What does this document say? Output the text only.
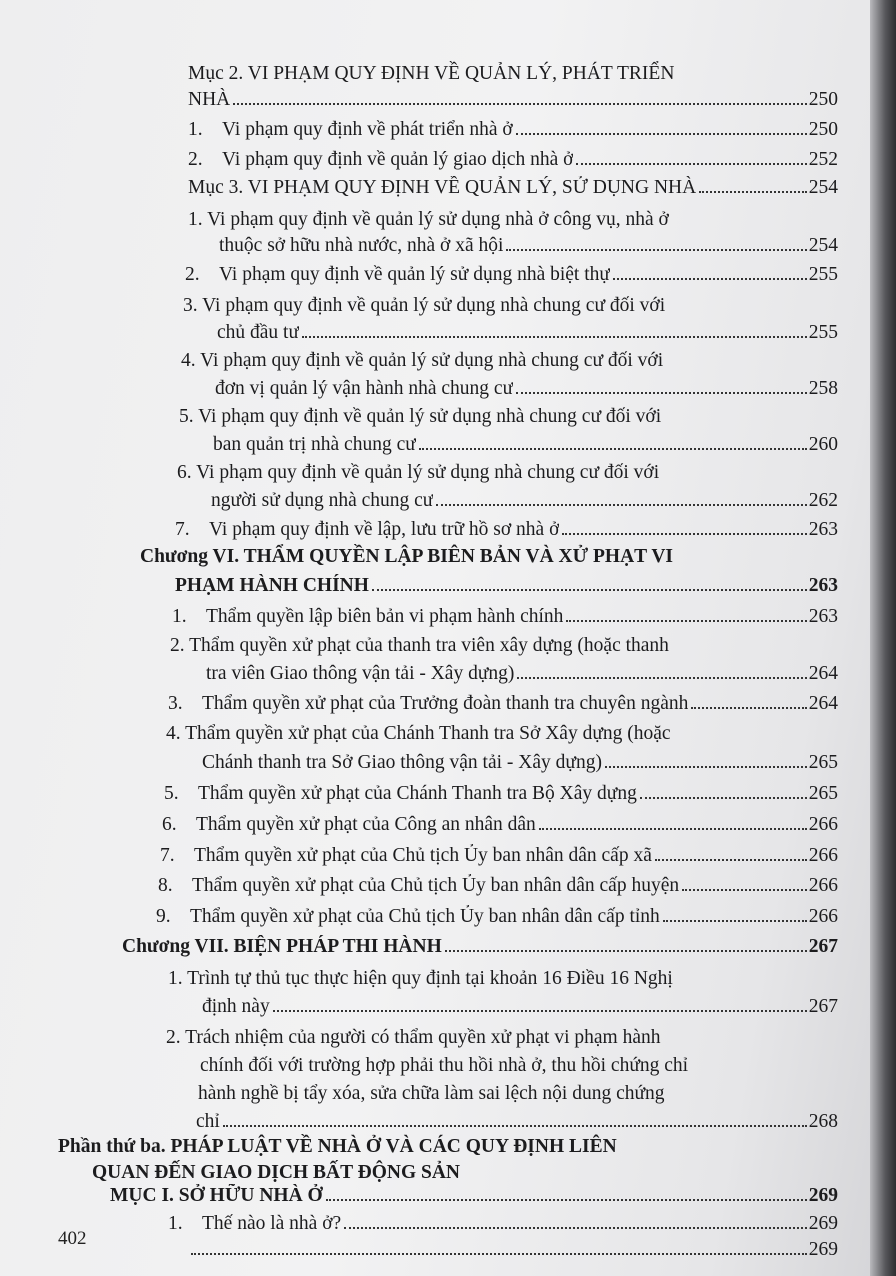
Mục 2. VI PHẠM QUY ĐỊNH VỀ QUẢN LÝ, PHÁT TRIỂN
NHÀ	250
1. Vi phạm quy định về phát triển nhà ở	250
2. Vi phạm quy định về quản lý giao dịch nhà ở	252
Mục 3. VI PHẠM QUY ĐỊNH VỀ QUẢN LÝ, SỬ DỤNG NHÀ	254
1. Vi phạm quy định về quản lý sử dụng nhà ở công vụ, nhà ở
thuộc sở hữu nhà nước, nhà ở xã hội	254
2. Vi phạm quy định về quản lý sử dụng nhà biệt thự	255
3. Vi phạm quy định về quản lý sử dụng nhà chung cư đối với
chủ đầu tư	255
4. Vi phạm quy định về quản lý sử dụng nhà chung cư đối với
đơn vị quản lý vận hành nhà chung cư	258
5. Vi phạm quy định về quản lý sử dụng nhà chung cư đối với
ban quản trị nhà chung cư	260
6. Vi phạm quy định về quản lý sử dụng nhà chung cư đối với
người sử dụng nhà chung cư	262
7. Vi phạm quy định về lập, lưu trữ hồ sơ nhà ở	263
Chương VI. THẨM QUYỀN LẬP BIÊN BẢN VÀ XỬ PHẠT VI
PHẠM HÀNH CHÍNH	263
1. Thẩm quyền lập biên bản vi phạm hành chính	263
2. Thẩm quyền xử phạt của thanh tra viên xây dựng (hoặc thanh
tra viên Giao thông vận tải - Xây dựng)	264
3. Thẩm quyền xử phạt của Trưởng đoàn thanh tra chuyên ngành	264
4. Thẩm quyền xử phạt của Chánh Thanh tra Sở Xây dựng (hoặc
Chánh thanh tra Sở Giao thông vận tải - Xây dựng)	265
5. Thẩm quyền xử phạt của Chánh Thanh tra Bộ Xây dựng	265
6. Thẩm quyền xử phạt của Công an nhân dân	266
7. Thẩm quyền xử phạt của Chủ tịch Ủy ban nhân dân cấp xã	266
8. Thẩm quyền xử phạt của Chủ tịch Ủy ban nhân dân cấp huyện	266
9. Thẩm quyền xử phạt của Chủ tịch Ủy ban nhân dân cấp tỉnh	266
Chương VII. BIỆN PHÁP THI HÀNH	267
1. Trình tự thủ tục thực hiện quy định tại khoản 16 Điều 16 Nghị
định này	267
2. Trách nhiệm của người có thẩm quyền xử phạt vi phạm hành
chính đối với trường hợp phải thu hồi nhà ở, thu hồi chứng chỉ
hành nghề bị tẩy xóa, sửa chữa làm sai lệch nội dung chứng
chỉ	268
Phần thứ ba. PHÁP LUẬT VỀ NHÀ Ở VÀ CÁC QUY ĐỊNH LIÊN
QUAN ĐẾN GIAO DỊCH BẤT ĐỘNG SẢN
MỤC I. SỞ HỮU NHÀ Ở	269
1. Thế nào là nhà ở?	269
269
402
